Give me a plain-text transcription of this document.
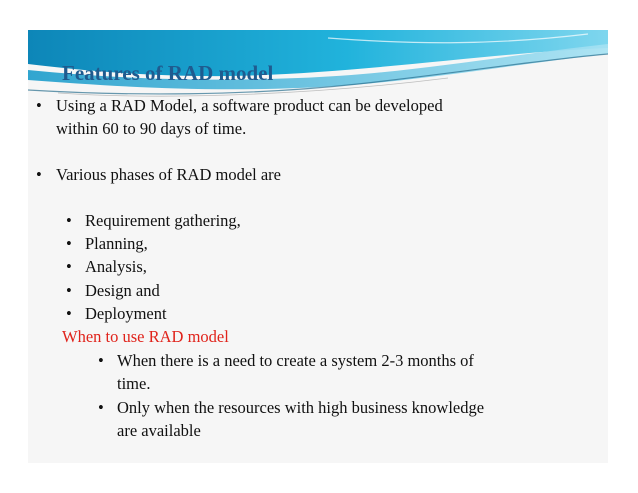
Features of RAD model
• Using a RAD Model, a software product can be developed
within 60 to 90 days of time.
• Various phases of RAD model are
• Requirement gathering,
• Planning,
• Analysis,
• Design and
• Deployment
When to use RAD model
• When there is a need to create a system 2-3 months of
time.
• Only when the resources with high business knowledge
are available
